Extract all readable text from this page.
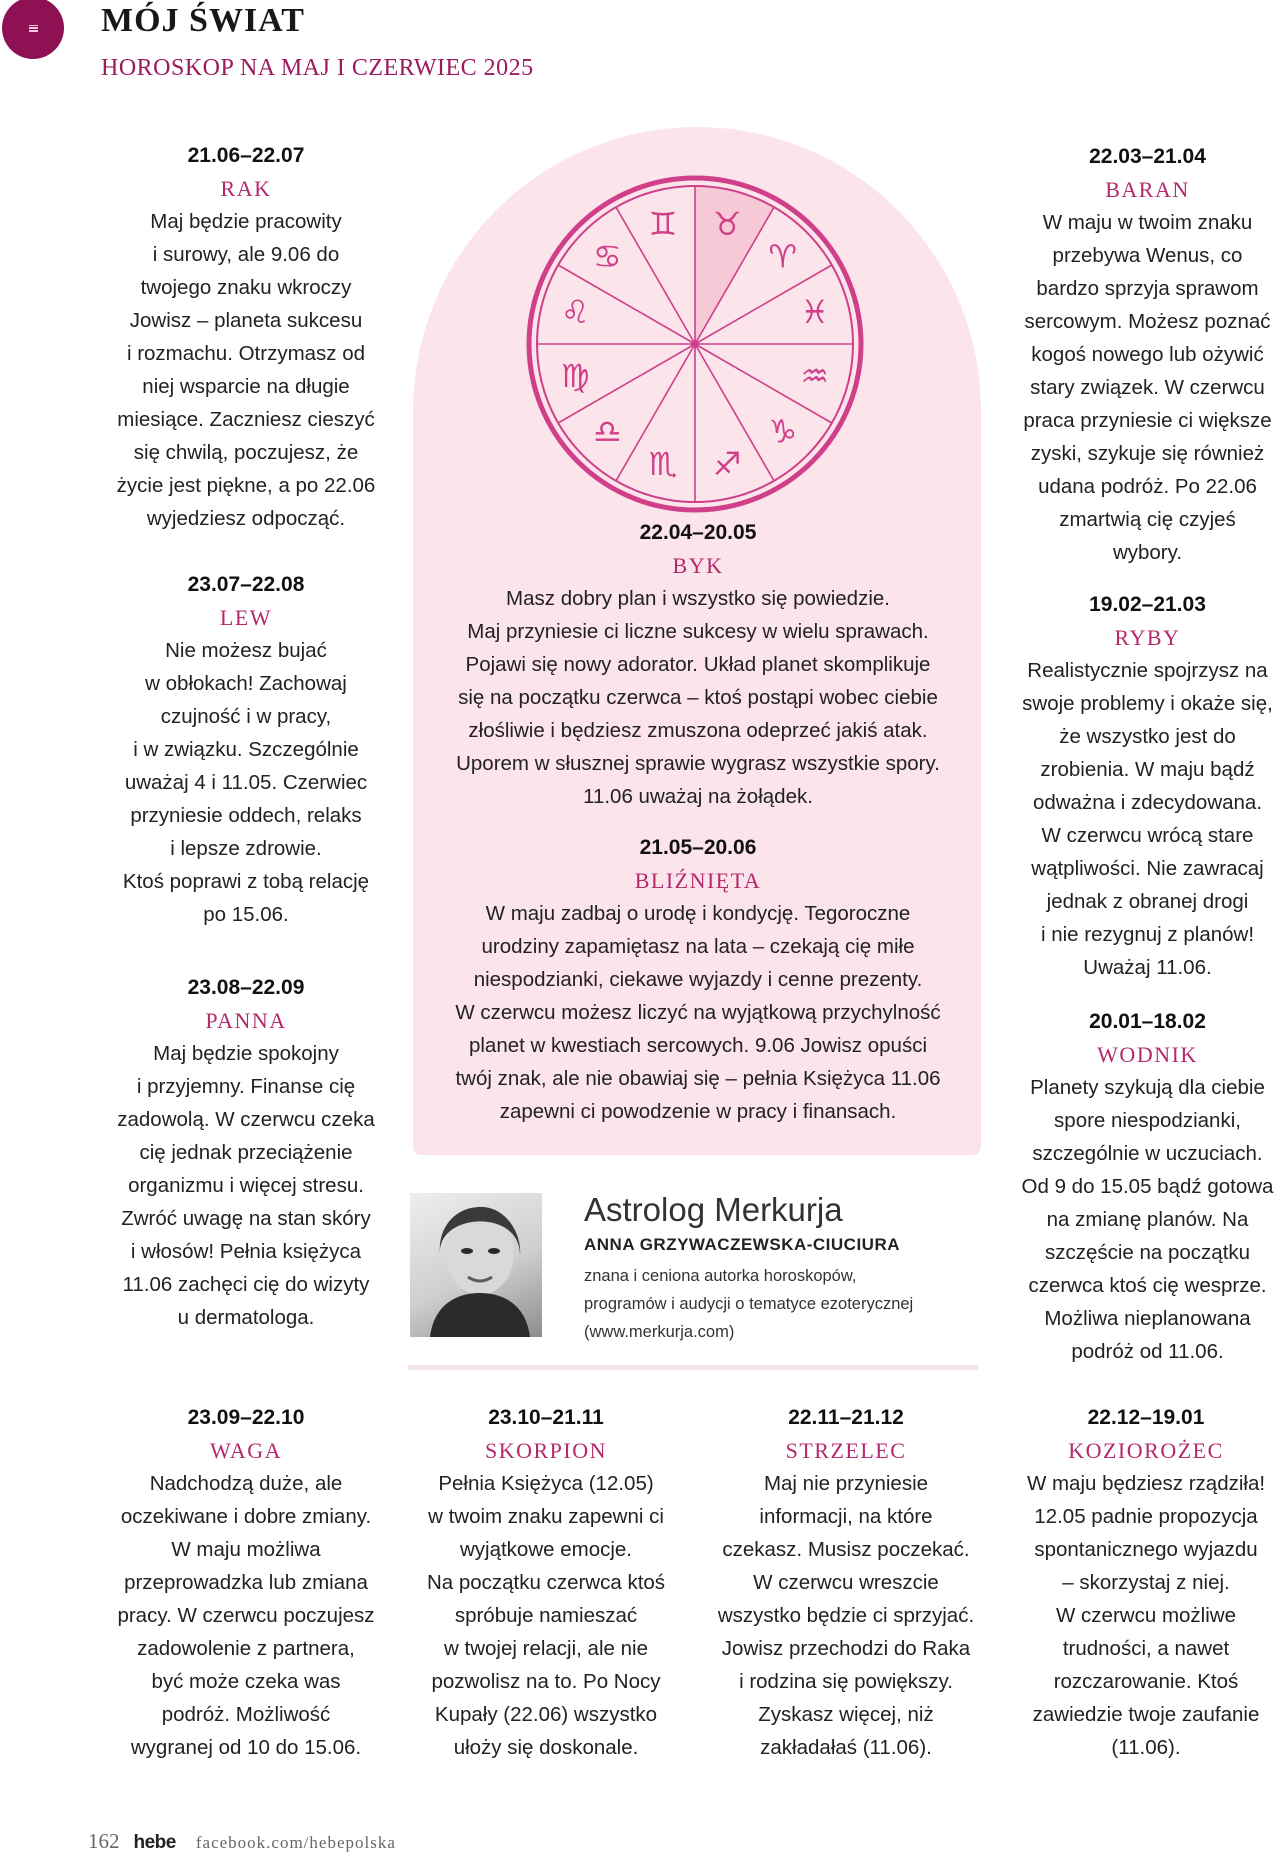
MÓJ ŚWIAT
HOROSKOP NA MAJ I CZERWIEC 2025
♈
♉
♊
♋
♌
♍
♎
♏ ♐
♑
♒
♓
21.06–22.07
RAK
Maj będzie pracowity
i surowy, ale 9.06 do
twojego znaku wkroczy
Jowisz – planeta sukcesu
i rozmachu. Otrzymasz od
niej wsparcie na długie
miesiące. Zaczniesz cieszyć
się chwilą, poczujesz, że
życie jest piękne, a po 22.06
wyjedziesz odpocząć.
23.07–22.08
LEW
Nie możesz bujać
w obłokach! Zachowaj
czujność i w pracy,
i w związku. Szczególnie
uważaj 4 i 11.05. Czerwiec
przyniesie oddech, relaks
i lepsze zdrowie.
Ktoś poprawi z tobą relację
po 15.06.
23.08–22.09
PANNA
Maj będzie spokojny
i przyjemny. Finanse cię
zadowolą. W czerwcu czeka
cię jednak przeciążenie
organizmu i więcej stresu.
Zwróć uwagę na stan skóry
i włosów! Pełnia księżyca
11.06 zachęci cię do wizyty
u dermatologa.
22.04–20.05
BYK
Masz dobry plan i wszystko się powiedzie.
Maj przyniesie ci liczne sukcesy w wielu sprawach.
Pojawi się nowy adorator. Układ planet skomplikuje
się na początku czerwca – ktoś postąpi wobec ciebie
złośliwie i będziesz zmuszona odeprzeć jakiś atak.
Uporem w słusznej sprawie wygrasz wszystkie spory.
11.06 uważaj na żołądek.
21.05–20.06
BLIŹNIĘTA
W maju zadbaj o urodę i kondycję. Tegoroczne
urodziny zapamiętasz na lata – czekają cię miłe
niespodzianki, ciekawe wyjazdy i cenne prezenty.
W czerwcu możesz liczyć na wyjątkową przychylność
planet w kwestiach sercowych. 9.06 Jowisz opuści
twój znak, ale nie obawiaj się – pełnia Księżyca 11.06
zapewni ci powodzenie w pracy i finansach.
22.03–21.04
BARAN
W maju w twoim znaku
przebywa Wenus, co
bardzo sprzyja sprawom
sercowym. Możesz poznać
kogoś nowego lub ożywić
stary związek. W czerwcu
praca przyniesie ci większe
zyski, szykuje się również
udana podróż. Po 22.06
zmartwią cię czyjeś
wybory.
19.02–21.03
RYBY
Realistycznie spojrzysz na
swoje problemy i okaże się,
że wszystko jest do
zrobienia. W maju bądź
odważna i zdecydowana.
W czerwcu wrócą stare
wątpliwości. Nie zawracaj
jednak z obranej drogi
i nie rezygnuj z planów!
Uważaj 11.06.
20.01–18.02
WODNIK
Planety szykują dla ciebie
spore niespodzianki,
szczególnie w uczuciach.
Od 9 do 15.05 bądź gotowa
na zmianę planów. Na
szczęście na początku
czerwca ktoś cię wesprze.
Możliwa nieplanowana
podróż od 11.06.
Astrolog Merkurja
ANNA GRZYWACZEWSKA-CIUCIURA
znana i ceniona autorka horoskopów,
programów i audycji o tematyce ezoterycznej
(www.merkurja.com)
23.09–22.10
WAGA
Nadchodzą duże, ale
oczekiwane i dobre zmiany.
W maju możliwa
przeprowadzka lub zmiana
pracy. W czerwcu poczujesz
zadowolenie z partnera,
być może czeka was
podróż. Możliwość
wygranej od 10 do 15.06.
23.10–21.11
SKORPION
Pełnia Księżyca (12.05)
w twoim znaku zapewni ci
wyjątkowe emocje.
Na początku czerwca ktoś
spróbuje namieszać
w twojej relacji, ale nie
pozwolisz na to. Po Nocy
Kupały (22.06) wszystko
ułoży się doskonale.
22.11–21.12
STRZELEC
Maj nie przyniesie
informacji, na które
czekasz. Musisz poczekać.
W czerwcu wreszcie
wszystko będzie ci sprzyjać.
Jowisz przechodzi do Raka
i rodzina się powiększy.
Zyskasz więcej, niż
zakładałaś (11.06).
22.12–19.01
KOZIOROŻEC
W maju będziesz rządziła!
12.05 padnie propozycja
spontanicznego wyjazdu
– skorzystaj z niej.
W czerwcu możliwe
trudności, a nawet
rozczarowanie. Ktoś
zawiedzie twoje zaufanie
(11.06).
162 hebe facebook.com/hebepolska
